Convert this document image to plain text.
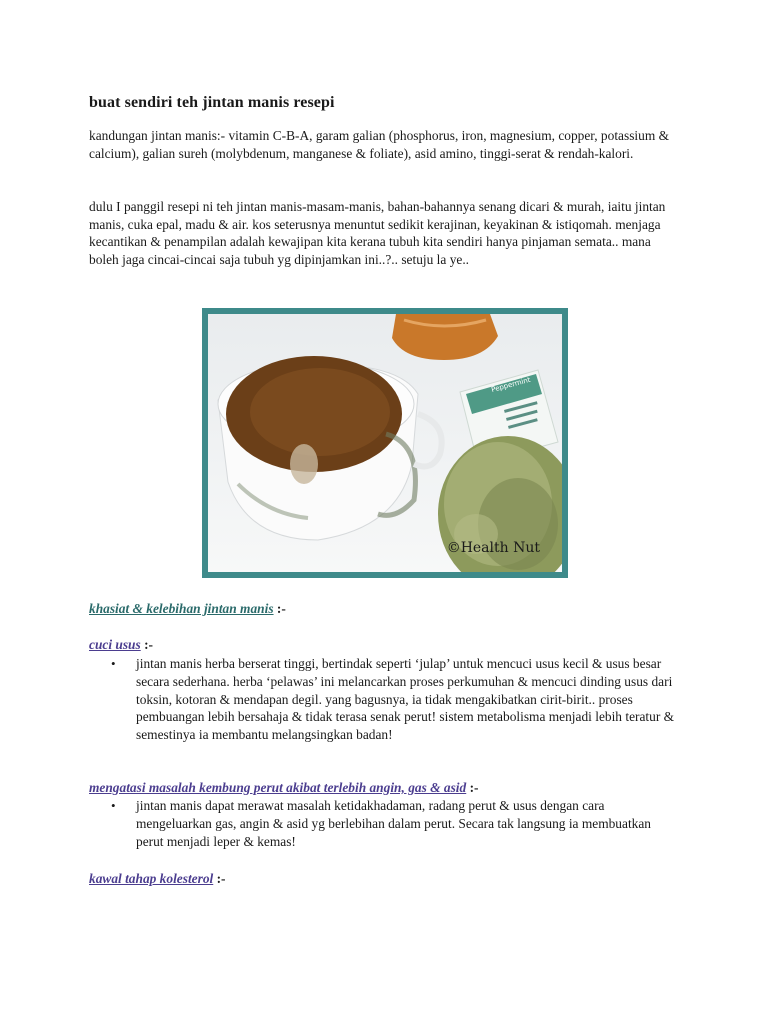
buat sendiri teh jintan manis resepi

kandungan jintan manis:- vitamin C-B-A, garam galian (phosphorus, iron, magnesium, copper, potassium & calcium), galian sureh (molybdenum, manganese & foliate), asid amino, tinggi-serat & rendah-kalori.

dulu I panggil resepi ni teh jintan manis-masam-manis, bahan-bahannya senang dicari & murah, iaitu jintan manis, cuka epal, madu & air. kos seterusnya menuntut sedikit kerajinan, keyakinan & istiqomah. menjaga kecantikan & penampilan adalah kewajipan kita kerana tubuh kita sendiri hanya pinjaman semata.. mana boleh jaga cincai-cincai saja tubuh yg dipinjamkan ini..?.. setuju la ye..

Peppermint
©Health Nut
khasiat & kelebihan jintan manis :-
cuci usus :-
• jintan manis herba berserat tinggi, bertindak seperti ‘julap’ untuk mencuci usus kecil & usus besar secara sederhana. herba ‘pelawas’ ini melancarkan proses perkumuhan & mencuci dinding usus dari toksin, kotoran & mendapan degil. yang bagusnya, ia tidak mengakibatkan cirit-birit.. proses pembuangan lebih bersahaja & tidak terasa senak perut! sistem metabolisma menjadi lebih teratur & semestinya ia membantu melangsingkan badan!
mengatasi masalah kembung perut akibat terlebih angin, gas & asid :-
• jintan manis dapat merawat masalah ketidakhadaman, radang perut & usus dengan cara mengeluarkan gas, angin & asid yg berlebihan dalam perut. Secara tak langsung ia membuatkan perut menjadi leper & kemas!
kawal tahap kolesterol :-
